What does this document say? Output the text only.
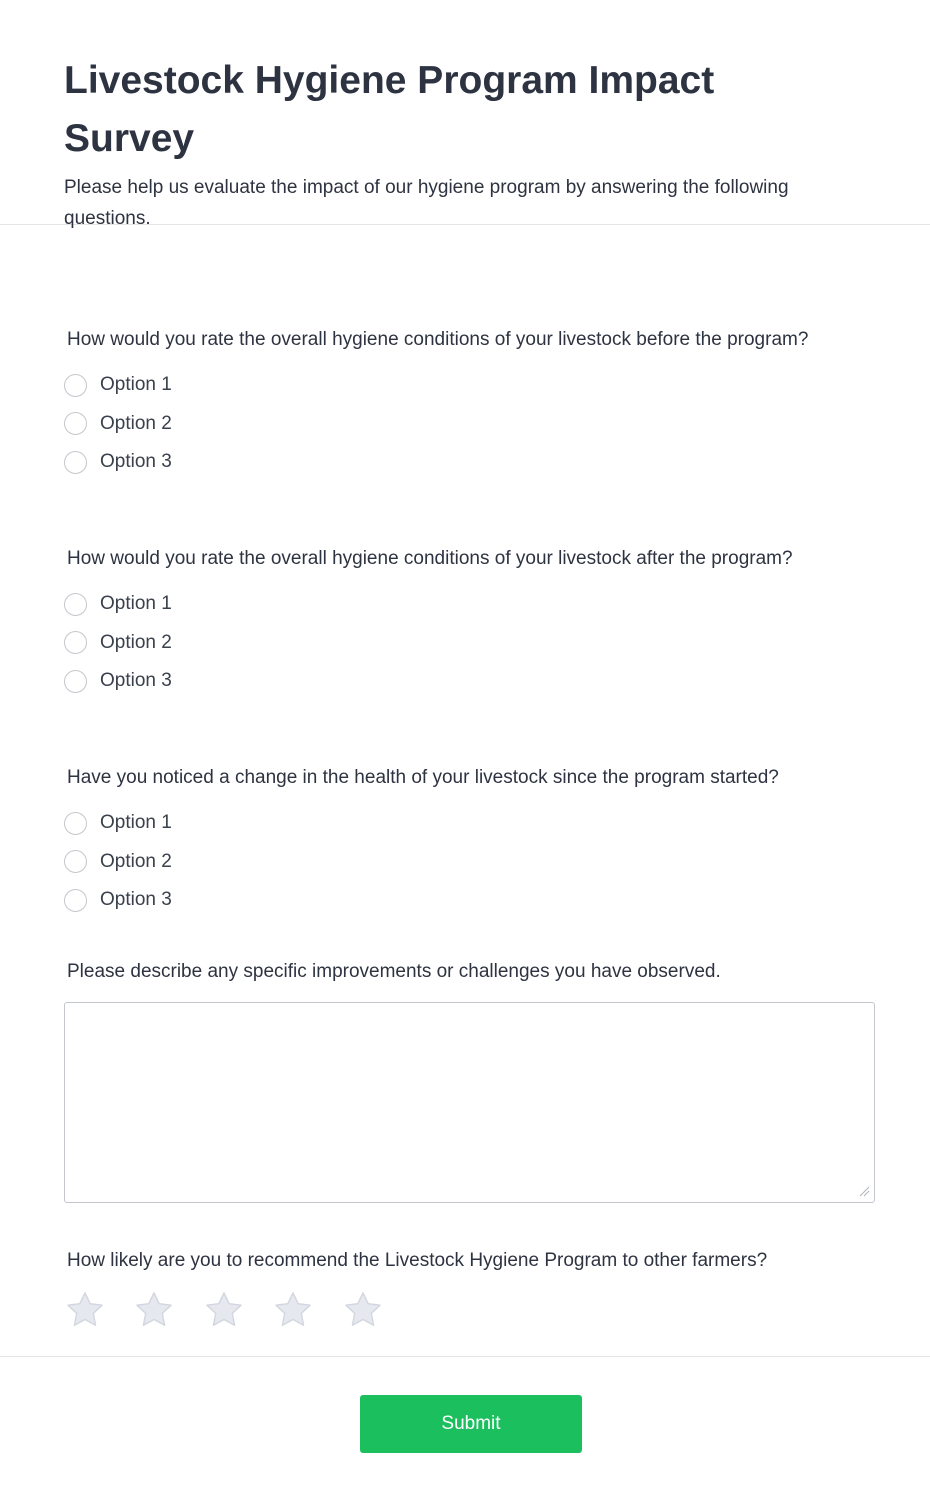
Livestock Hygiene Program Impact Survey

Please help us evaluate the impact of our hygiene program by answering the following questions.

How would you rate the overall hygiene conditions of your livestock before the program?

Option 1
Option 2
Option 3

How would you rate the overall hygiene conditions of your livestock after the program?

Option 1
Option 2
Option 3

Have you noticed a change in the health of your livestock since the program started?

Option 1
Option 2
Option 3

Please describe any specific improvements or challenges you have observed.

How likely are you to recommend the Livestock Hygiene Program to other farmers?

Submit
